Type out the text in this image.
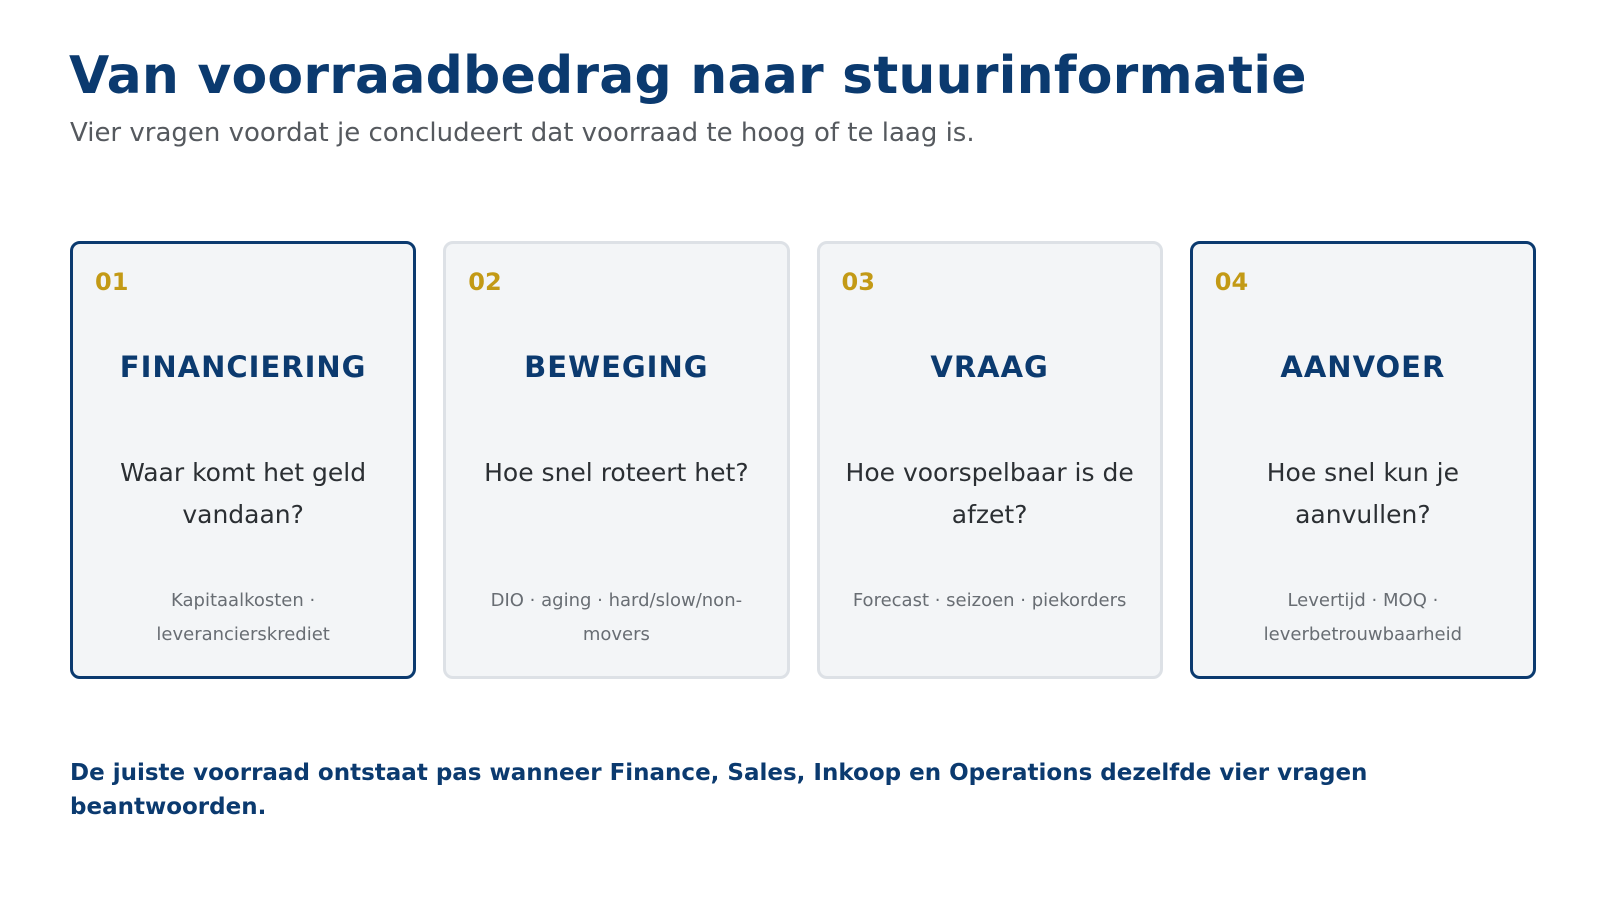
Van voorraadbedrag naar stuurinformatie

Vier vragen voordat je concludeert dat voorraad te hoog of te laag is.

01
FINANCIERING
Waar komt het geld vandaan?
Kapitaalkosten · leverancierskrediet
02
BEWEGING
Hoe snel roteert het?
DIO · aging · hard/slow/non-movers
03
VRAAG
Hoe voorspelbaar is de afzet?
Forecast · seizoen · piekorders
04
AANVOER
Hoe snel kun je aanvullen?
Levertijd · MOQ · leverbetrouwbaarheid

De juiste voorraad ontstaat pas wanneer Finance, Sales, Inkoop en Operations dezelfde vier vragen beantwoorden.
